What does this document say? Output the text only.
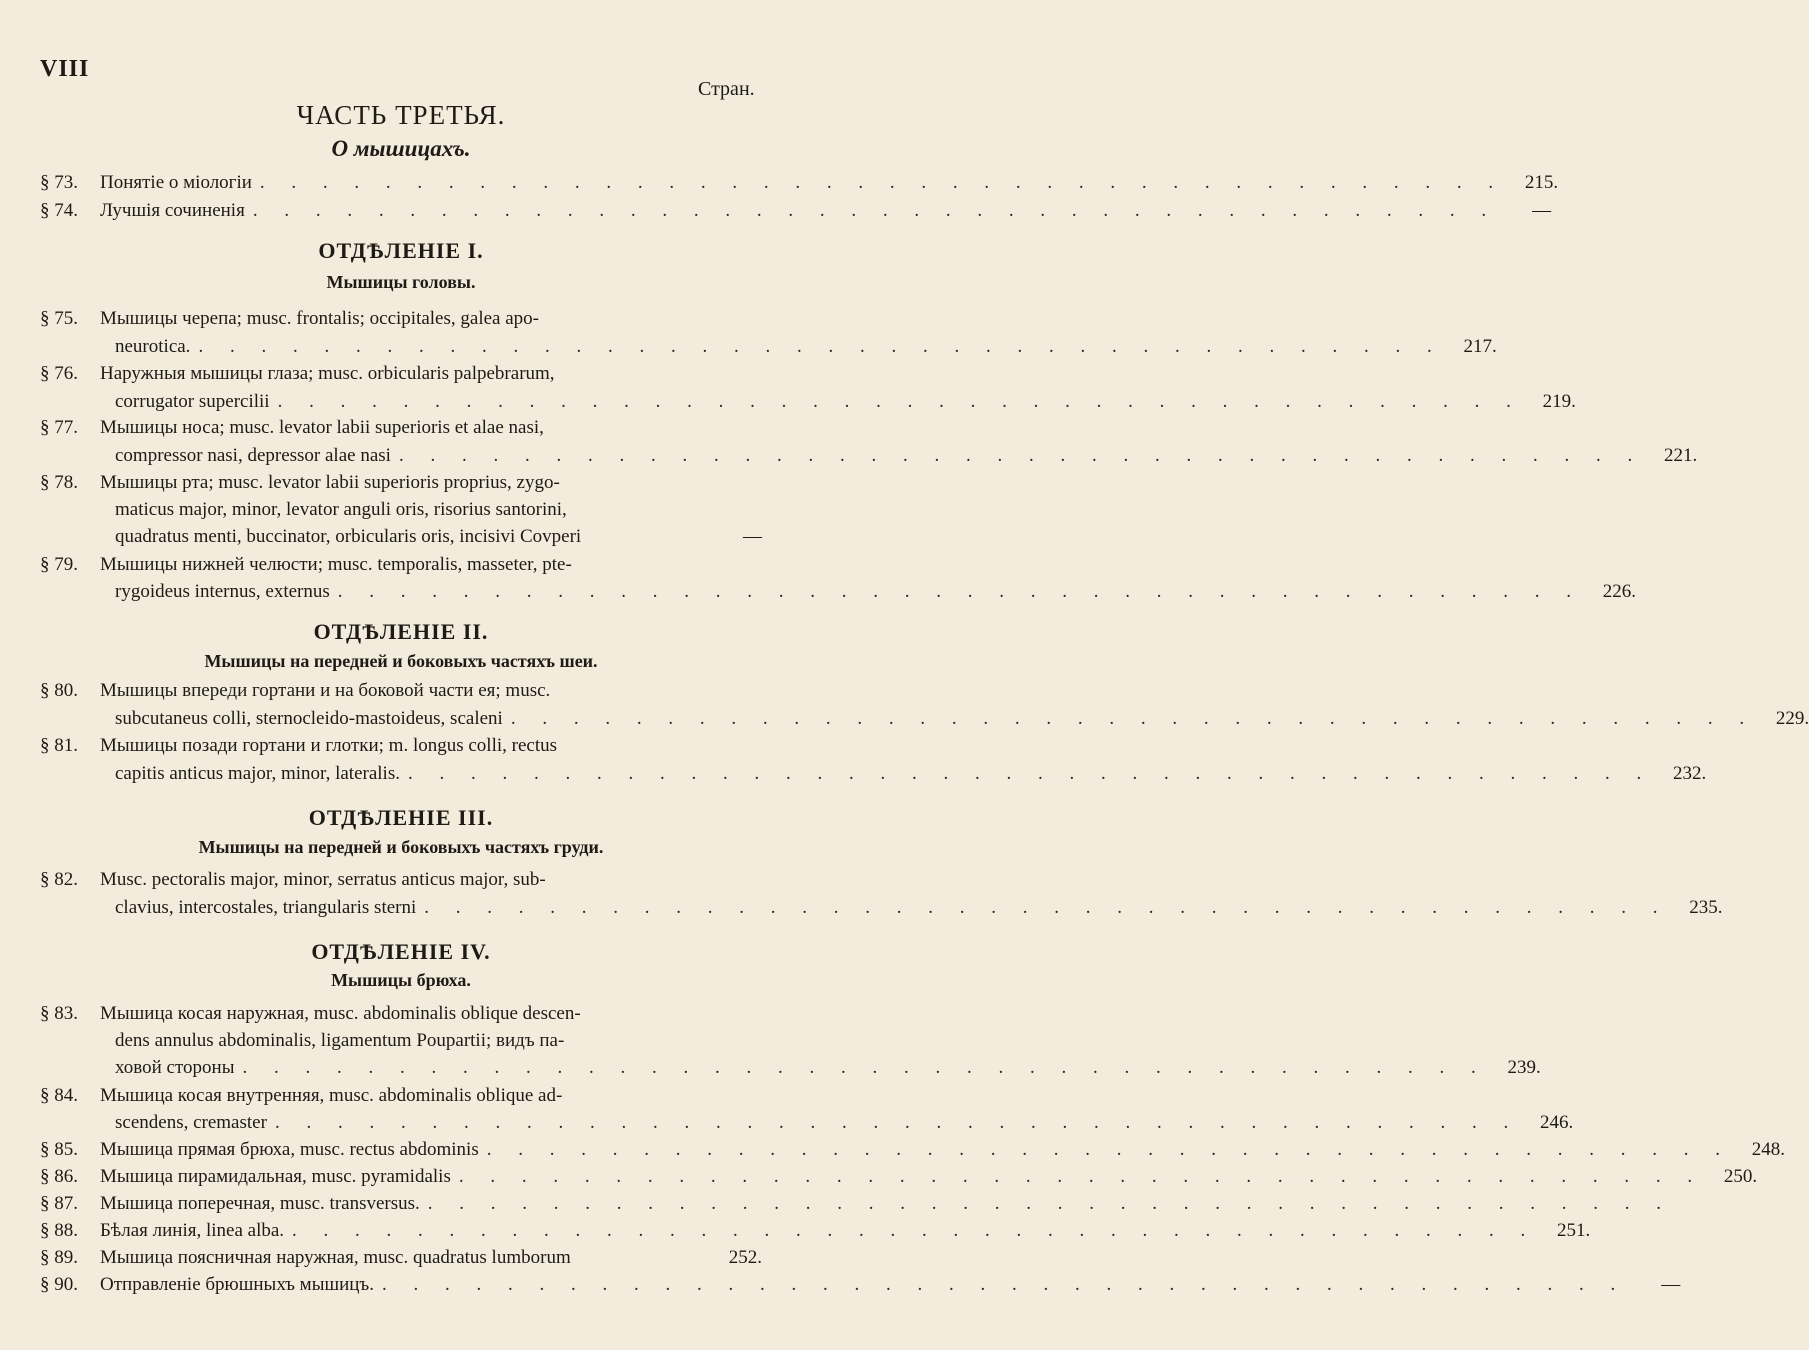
VIII
Стран.
ЧАСТЬ ТРЕТЬЯ.
О мышицахъ.
ОТДѢЛЕНІЕ I.
Мышицы головы.
§ 73.	Понятіе о міологіи . . . . . . . . . . . . . . . . . . . . . . . . . . . . . . . . . . . . . . . .	215.
§ 74.	Лучшія сочиненія . . . . . . . . . . . . . . . . . . . . . . . . . . . . . . . . . . . . . . . .	—
§ 75.	Мышицы черепа; musc. frontalis; occipitales, galea apo-
neurotica. . . . . . . . . . . . . . . . . . . . . . . . . . . . . . . . . . . . . . . . .	217.
§ 76.	Наружныя мышицы глаза; musc. orbicularis palpebrarum,
corrugator supercilii . . . . . . . . . . . . . . . . . . . . . . . . . . . . . . . . . . . . . . . .	219.
§ 77.	Мышицы носа; musc. levator labii superioris et alae nasi,
compressor nasi, depressor alae nasi . . . . . . . . . . . . . . . . . . . . . . . . . . . . . . . . . . . . . . . .	221.
§ 78.	Мышицы рта; musc. levator labii superioris proprius, zygo-
maticus major, minor, levator anguli oris, risorius santorini,
quadratus menti, buccinator, orbicularis oris, incisivi Covperi	—
§ 79.	Мышицы нижней челюсти; musc. temporalis, masseter, pte-
rygoideus internus, externus . . . . . . . . . . . . . . . . . . . . . . . . . . . . . . . . . . . . . . . .	226.
ОТДѢЛЕНІЕ II.
Мышицы на передней и боковыхъ частяхъ шеи.
§ 80.	Мышицы впереди гортани и на боковой части ея; musc.
subcutaneus colli, sternocleido-mastoideus, scaleni . . . . . . . . . . . . . . . . . . . . . . . . . . . . . . . . . . . . . . . .	229.
§ 81.	Мышицы позади гортани и глотки; m. longus colli, rectus
capitis anticus major, minor, lateralis. . . . . . . . . . . . . . . . . . . . . . . . . . . . . . . . . . . . . . . . .	232.
ОТДѢЛЕНІЕ III.
Мышицы на передней и боковыхъ частяхъ груди.
§ 82.	Musc. pectoralis major, minor, serratus anticus major, sub-
clavius, intercostales, triangularis sterni . . . . . . . . . . . . . . . . . . . . . . . . . . . . . . . . . . . . . . . .	235.
ОТДѢЛЕНІЕ IV.
Мышицы брюха.
§ 83.	Мышица косая наружная, musc. abdominalis oblique descen-
dens annulus abdominalis, ligamentum Poupartii; видъ па-
ховой стороны . . . . . . . . . . . . . . . . . . . . . . . . . . . . . . . . . . . . . . . .	239.
§ 84.	Мышица косая внутренняя, musc. abdominalis oblique ad-
scendens, cremaster . . . . . . . . . . . . . . . . . . . . . . . . . . . . . . . . . . . . . . . .	246.
§ 85.	Мышица прямая брюха, musc. rectus abdominis . . . . . . . . . . . . . . . . . . . . . . . . . . . . . . . . . . . . . . . .	248.
§ 86.	Мышица пирамидальная, musc. pyramidalis . . . . . . . . . . . . . . . . . . . . . . . . . . . . . . . . . . . . . . . .	250.
§ 87.	Мышица поперечная, musc. transversus. . . . . . . . . . . . . . . . . . . . . . . . . . . . . . . . . . . . . . . . .
§ 88.	Бѣлая линія, linea alba. . . . . . . . . . . . . . . . . . . . . . . . . . . . . . . . . . . . . . . . .	251.
§ 89.	Мышица поясничная наружная, musc. quadratus lumborum	252.
§ 90.	Отправленіе брюшныхъ мышицъ. . . . . . . . . . . . . . . . . . . . . . . . . . . . . . . . . . . . . . . . .	—
